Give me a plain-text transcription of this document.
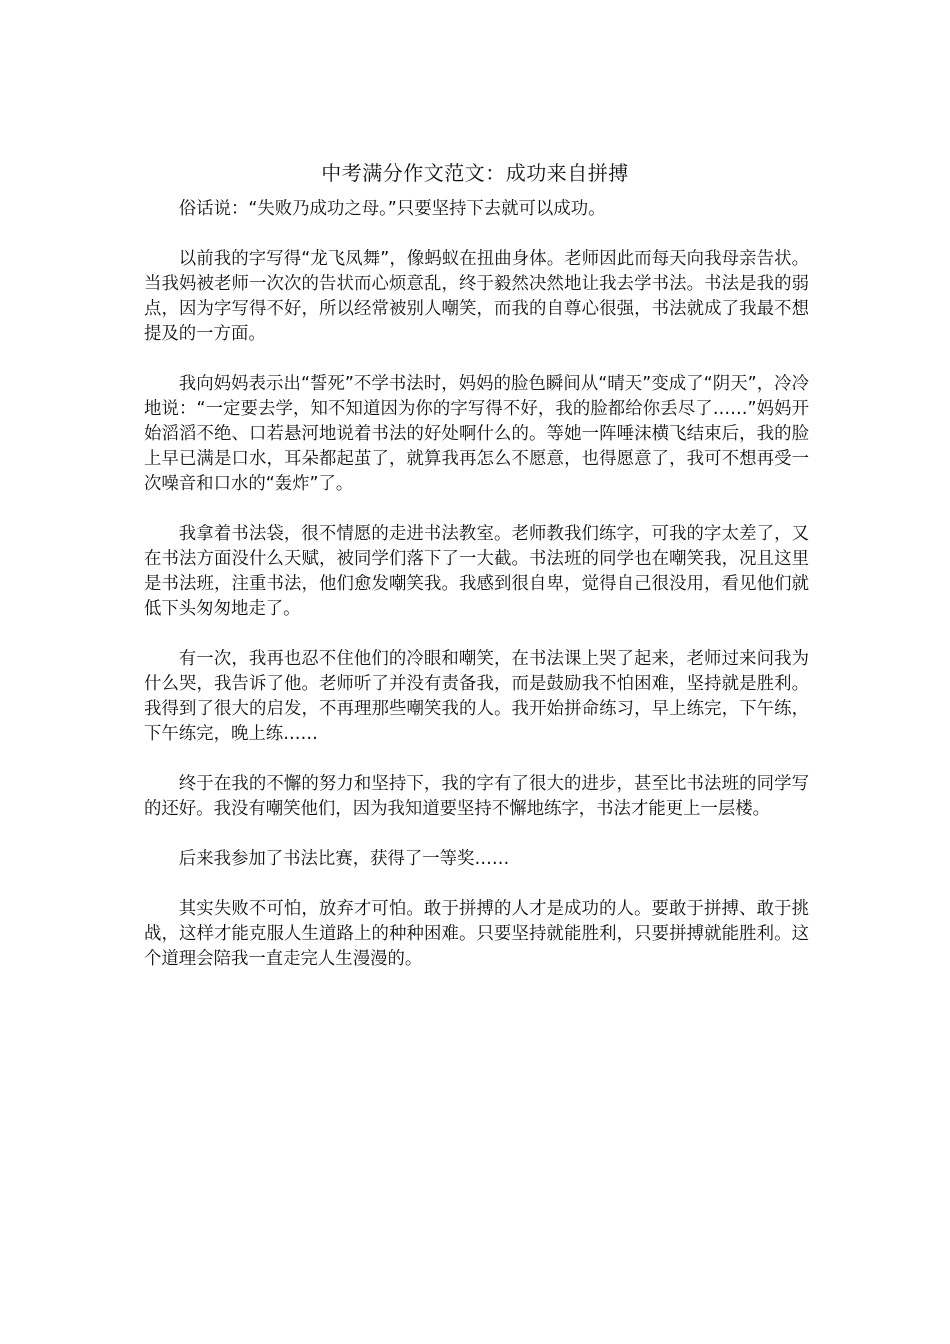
中考满分作文范文：成功来自拼搏

俗话说：“失败乃成功之母。”只要坚持下去就可以成功。

以前我的字写得“龙飞凤舞”，像蚂蚁在扭曲身体。老师因此而每天向我母亲告状。当我妈被老师一次次的告状而心烦意乱，终于毅然决然地让我去学书法。书法是我的弱点，因为字写得不好，所以经常被别人嘲笑，而我的自尊心很强，书法就成了我最不想提及的一方面。

我向妈妈表示出“誓死”不学书法时，妈妈的脸色瞬间从“晴天”变成了“阴天”，冷冷地说：“一定要去学，知不知道因为你的字写得不好，我的脸都给你丢尽了……”妈妈开始滔滔不绝、口若悬河地说着书法的好处啊什么的。等她一阵唾沫横飞结束后，我的脸上早已满是口水，耳朵都起茧了，就算我再怎么不愿意，也得愿意了，我可不想再受一次噪音和口水的“轰炸”了。

我拿着书法袋，很不情愿的走进书法教室。老师教我们练字，可我的字太差了，又在书法方面没什么天赋，被同学们落下了一大截。书法班的同学也在嘲笑我，况且这里是书法班，注重书法，他们愈发嘲笑我。我感到很自卑，觉得自己很没用，看见他们就低下头匆匆地走了。

有一次，我再也忍不住他们的冷眼和嘲笑，在书法课上哭了起来，老师过来问我为什么哭，我告诉了他。老师听了并没有责备我，而是鼓励我不怕困难，坚持就是胜利。我得到了很大的启发，不再理那些嘲笑我的人。我开始拼命练习，早上练完，下午练，下午练完，晚上练……

终于在我的不懈的努力和坚持下，我的字有了很大的进步，甚至比书法班的同学写的还好。我没有嘲笑他们，因为我知道要坚持不懈地练字，书法才能更上一层楼。

后来我参加了书法比赛，获得了一等奖……

其实失败不可怕，放弃才可怕。敢于拼搏的人才是成功的人。要敢于拼搏、敢于挑战，这样才能克服人生道路上的种种困难。只要坚持就能胜利，只要拼搏就能胜利。这个道理会陪我一直走完人生漫漫的。
